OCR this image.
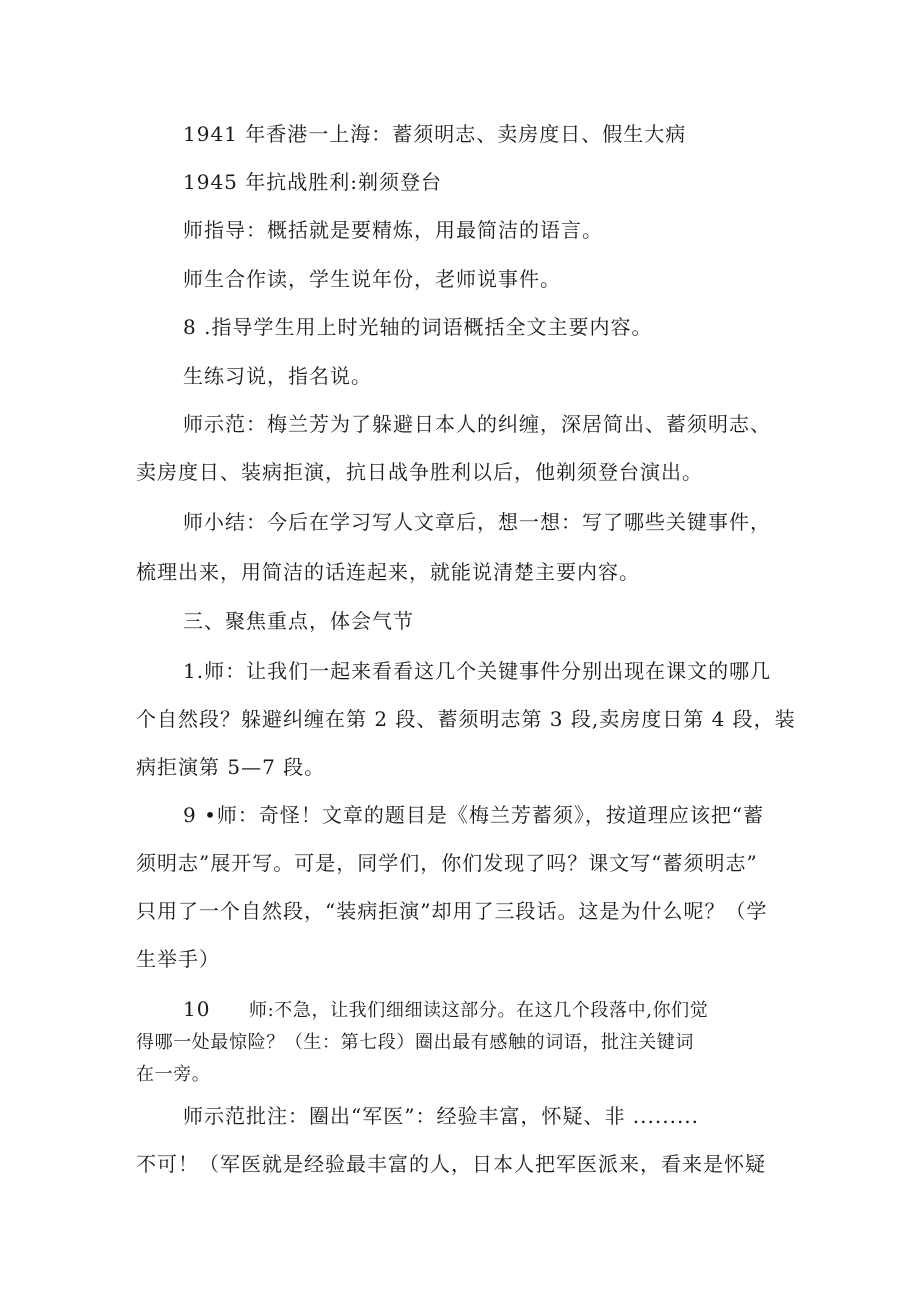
1941 年香港一上海：蓄须明志、卖房度日、假生大病
1945 年抗战胜利:剃须登台
师指导：概括就是要精炼，用最简洁的语言。
师生合作读，学生说年份，老师说事件。
8 .指导学生用上时光轴的词语概括全文主要内容。
生练习说，指名说。
师示范：梅兰芳为了躲避日本人的纠缠，深居简出、蓄须明志、
卖房度日、装病拒演，抗日战争胜利以后，他剃须登台演出。
师小结：今后在学习写人文章后，想一想：写了哪些关键事件，
梳理出来，用简洁的话连起来，就能说清楚主要内容。
三、聚焦重点，体会气节
1.师：让我们一起来看看这几个关键事件分别出现在课文的哪几
个自然段？躲避纠缠在第 2 段、蓄须明志第 3 段,卖房度日第 4 段，装
病拒演第 5—7 段。
9 •师：奇怪！文章的题目是《梅兰芳蓄须》，按道理应该把“蓄
须明志”展开写。可是，同学们，你们发现了吗？课文写“蓄须明志”
只用了一个自然段，“装病拒演”却用了三段话。这是为什么呢？（学
生举手）
10 师:不急，让我们细细读这部分。在这几个段落中,你们觉
得哪一处最惊险？（生：第七段）圈出最有感触的词语，批注关键词
在一旁。
师示范批注：圈出“军医”：经验丰富，怀疑、非 .........
不可！（军医就是经验最丰富的人，日本人把军医派来，看来是怀疑
